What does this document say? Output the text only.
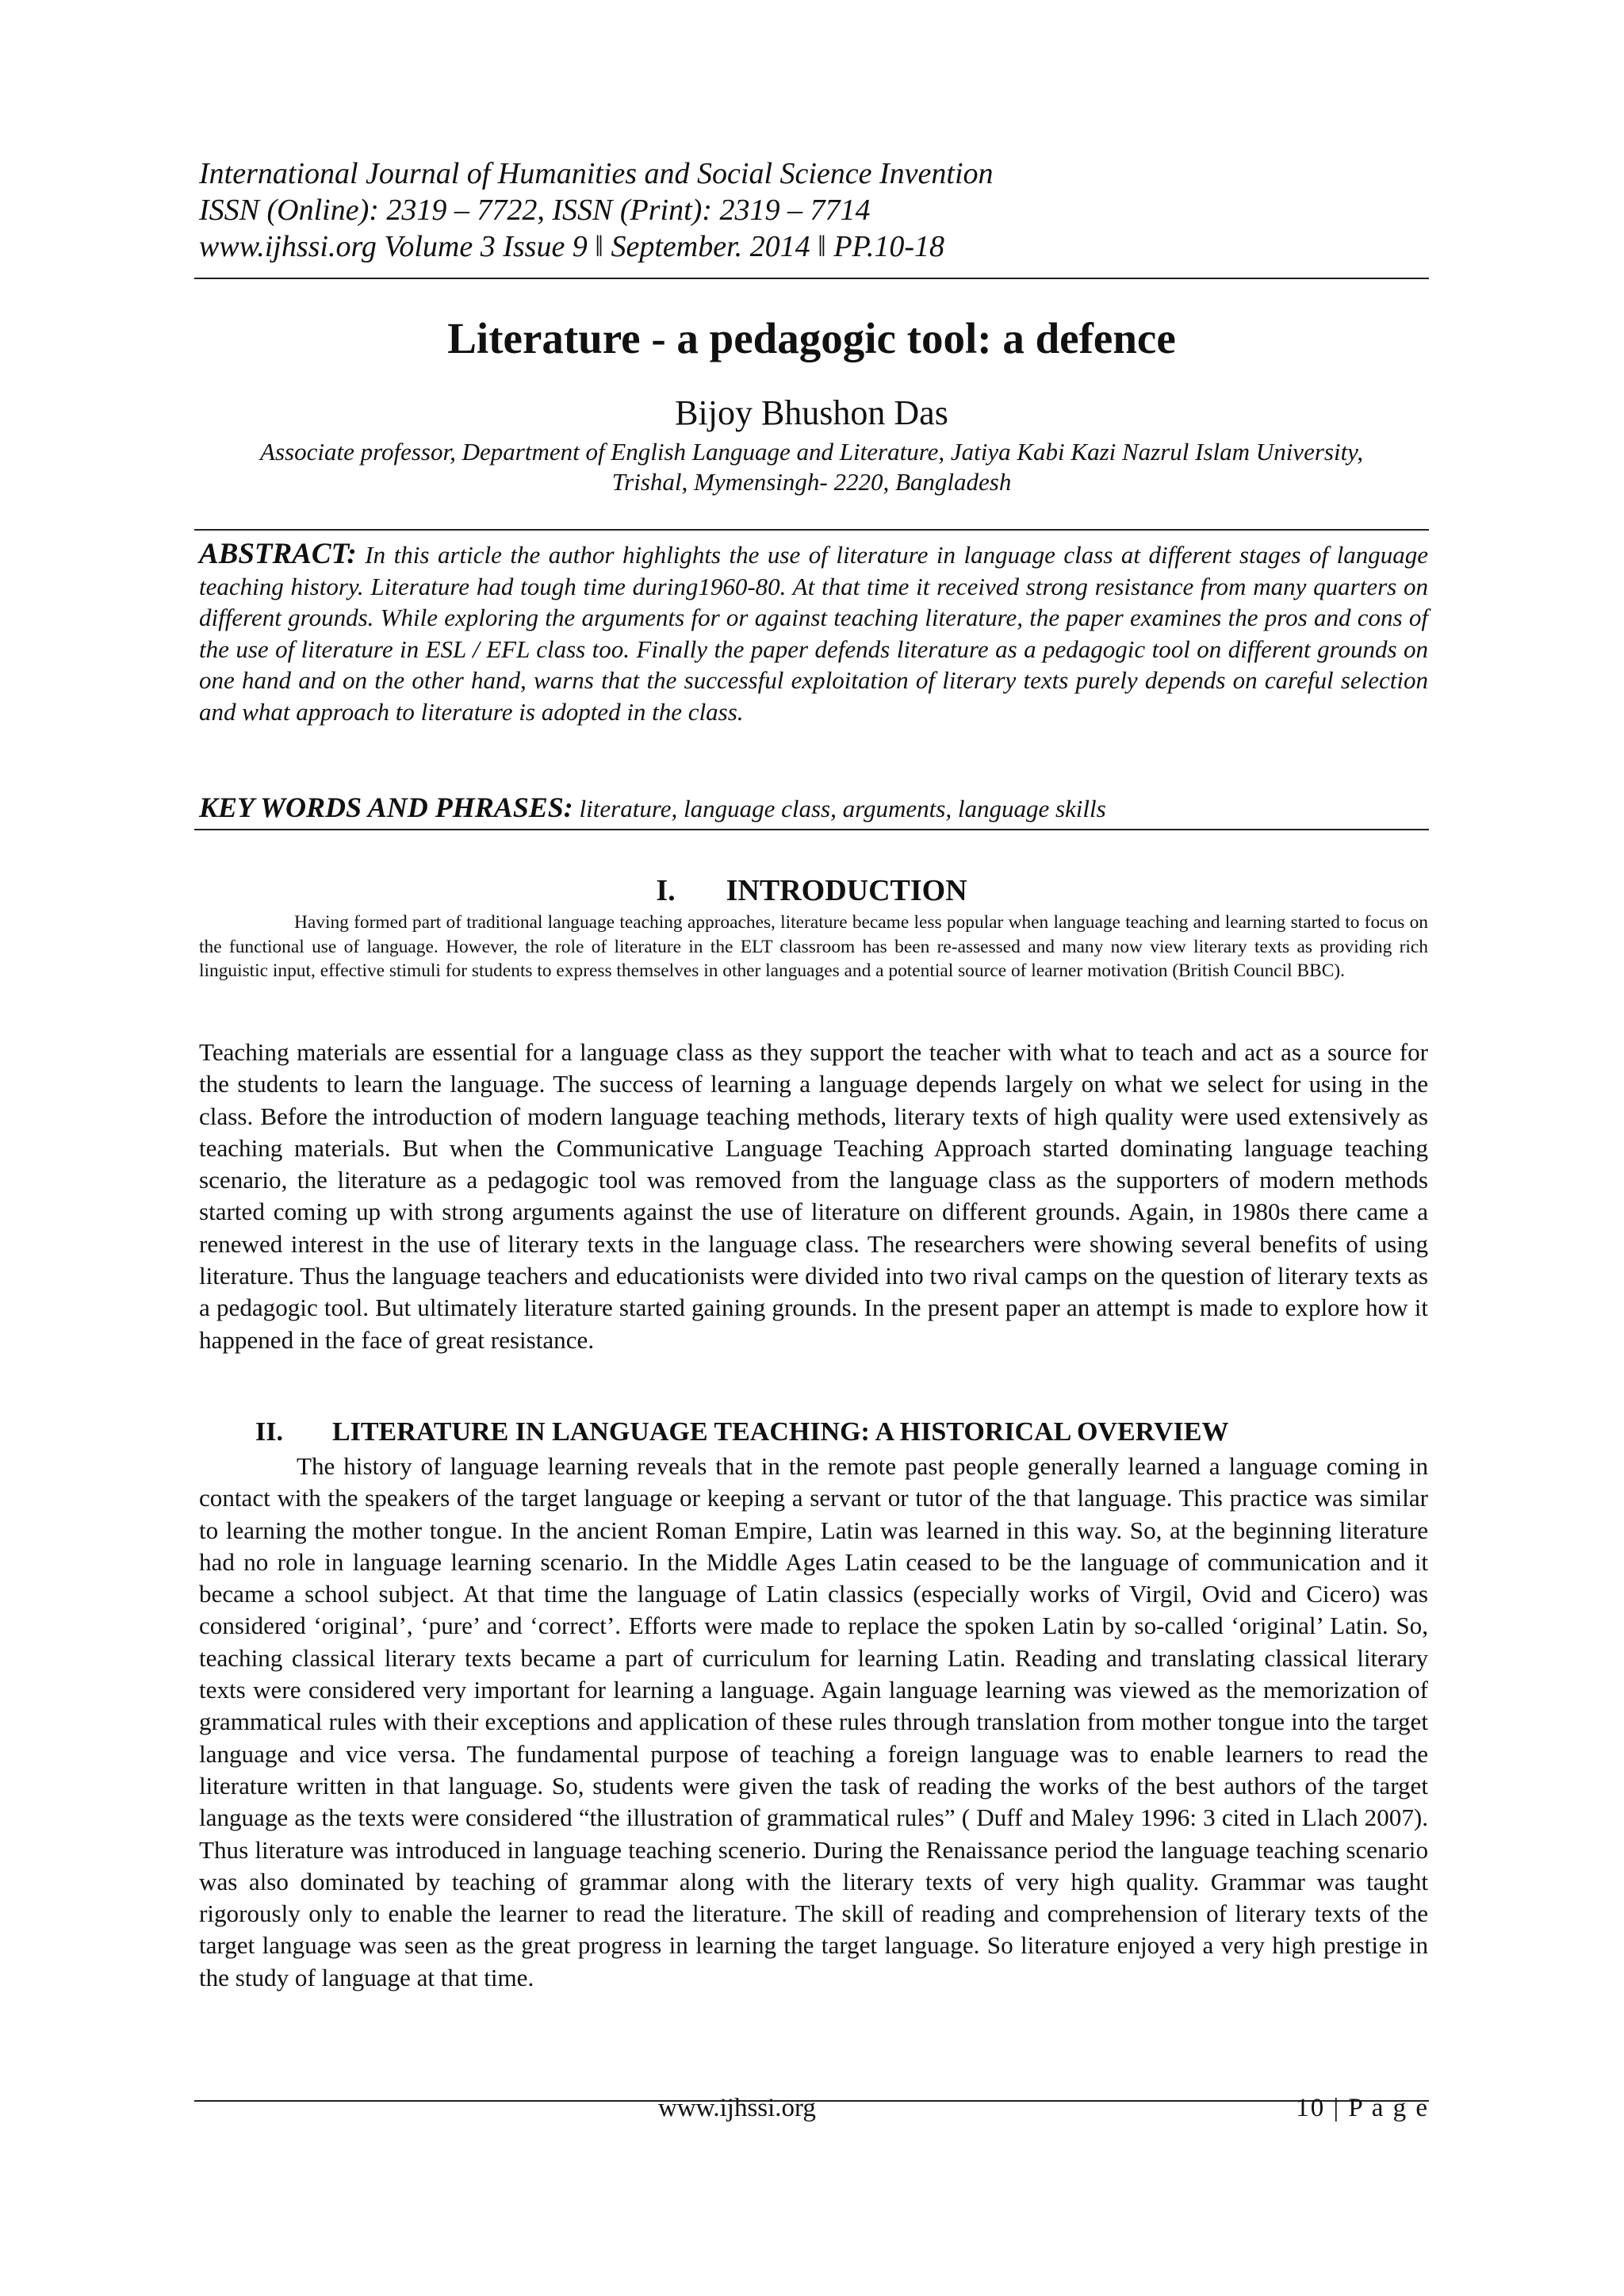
International Journal of Humanities and Social Science Invention
ISSN (Online): 2319 – 7722, ISSN (Print): 2319 – 7714
www.ijhssi.org Volume 3 Issue 9 ǁ September. 2014 ǁ PP.10-18
Literature - a pedagogic tool: a defence
Bijoy Bhushon Das
Associate professor, Department of English Language and Literature, Jatiya Kabi Kazi Nazrul Islam University,
Trishal, Mymensingh- 2220, Bangladesh
ABSTRACT: In this article the author highlights the use of literature in language class at different stages of language teaching history. Literature had tough time during1960-80. At that time it received strong resistance from many quarters on different grounds. While exploring the arguments for or against teaching literature, the paper examines the pros and cons of the use of literature in ESL / EFL class too. Finally the paper defends literature as a pedagogic tool on different grounds on one hand and on the other hand, warns that the successful exploitation of literary texts purely depends on careful selection and what approach to literature is adopted in the class.
KEY WORDS AND PHRASES: literature, language class, arguments, language skills
I. INTRODUCTION
Having formed part of traditional language teaching approaches, literature became less popular when language teaching and learning started to focus on the functional use of language. However, the role of literature in the ELT classroom has been re-assessed and many now view literary texts as providing rich linguistic input, effective stimuli for students to express themselves in other languages and a potential source of learner motivation (British Council BBC).
Teaching materials are essential for a language class as they support the teacher with what to teach and act as a source for the students to learn the language. The success of learning a language depends largely on what we select for using in the class. Before the introduction of modern language teaching methods, literary texts of high quality were used extensively as teaching materials. But when the Communicative Language Teaching Approach started dominating language teaching scenario, the literature as a pedagogic tool was removed from the language class as the supporters of modern methods started coming up with strong arguments against the use of literature on different grounds. Again, in 1980s there came a renewed interest in the use of literary texts in the language class. The researchers were showing several benefits of using literature. Thus the language teachers and educationists were divided into two rival camps on the question of literary texts as a pedagogic tool. But ultimately literature started gaining grounds. In the present paper an attempt is made to explore how it happened in the face of great resistance.
II. LITERATURE IN LANGUAGE TEACHING: A HISTORICAL OVERVIEW
The history of language learning reveals that in the remote past people generally learned a language coming in contact with the speakers of the target language or keeping a servant or tutor of the that language. This practice was similar to learning the mother tongue. In the ancient Roman Empire, Latin was learned in this way. So, at the beginning literature had no role in language learning scenario. In the Middle Ages Latin ceased to be the language of communication and it became a school subject. At that time the language of Latin classics (especially works of Virgil, Ovid and Cicero) was considered ‘original’, ‘pure’ and ‘correct’. Efforts were made to replace the spoken Latin by so-called ‘original’ Latin. So, teaching classical literary texts became a part of curriculum for learning Latin. Reading and translating classical literary texts were considered very important for learning a language. Again language learning was viewed as the memorization of grammatical rules with their exceptions and application of these rules through translation from mother tongue into the target language and vice versa. The fundamental purpose of teaching a foreign language was to enable learners to read the literature written in that language. So, students were given the task of reading the works of the best authors of the target language as the texts were considered “the illustration of grammatical rules” ( Duff and Maley 1996: 3 cited in Llach 2007). Thus literature was introduced in language teaching scenerio. During the Renaissance period the language teaching scenario was also dominated by teaching of grammar along with the literary texts of very high quality. Grammar was taught rigorously only to enable the learner to read the literature. The skill of reading and comprehension of literary texts of the target language was seen as the great progress in learning the target language. So literature enjoyed a very high prestige in the study of language at that time.
www.ijhssi.org	10 | P a g e
